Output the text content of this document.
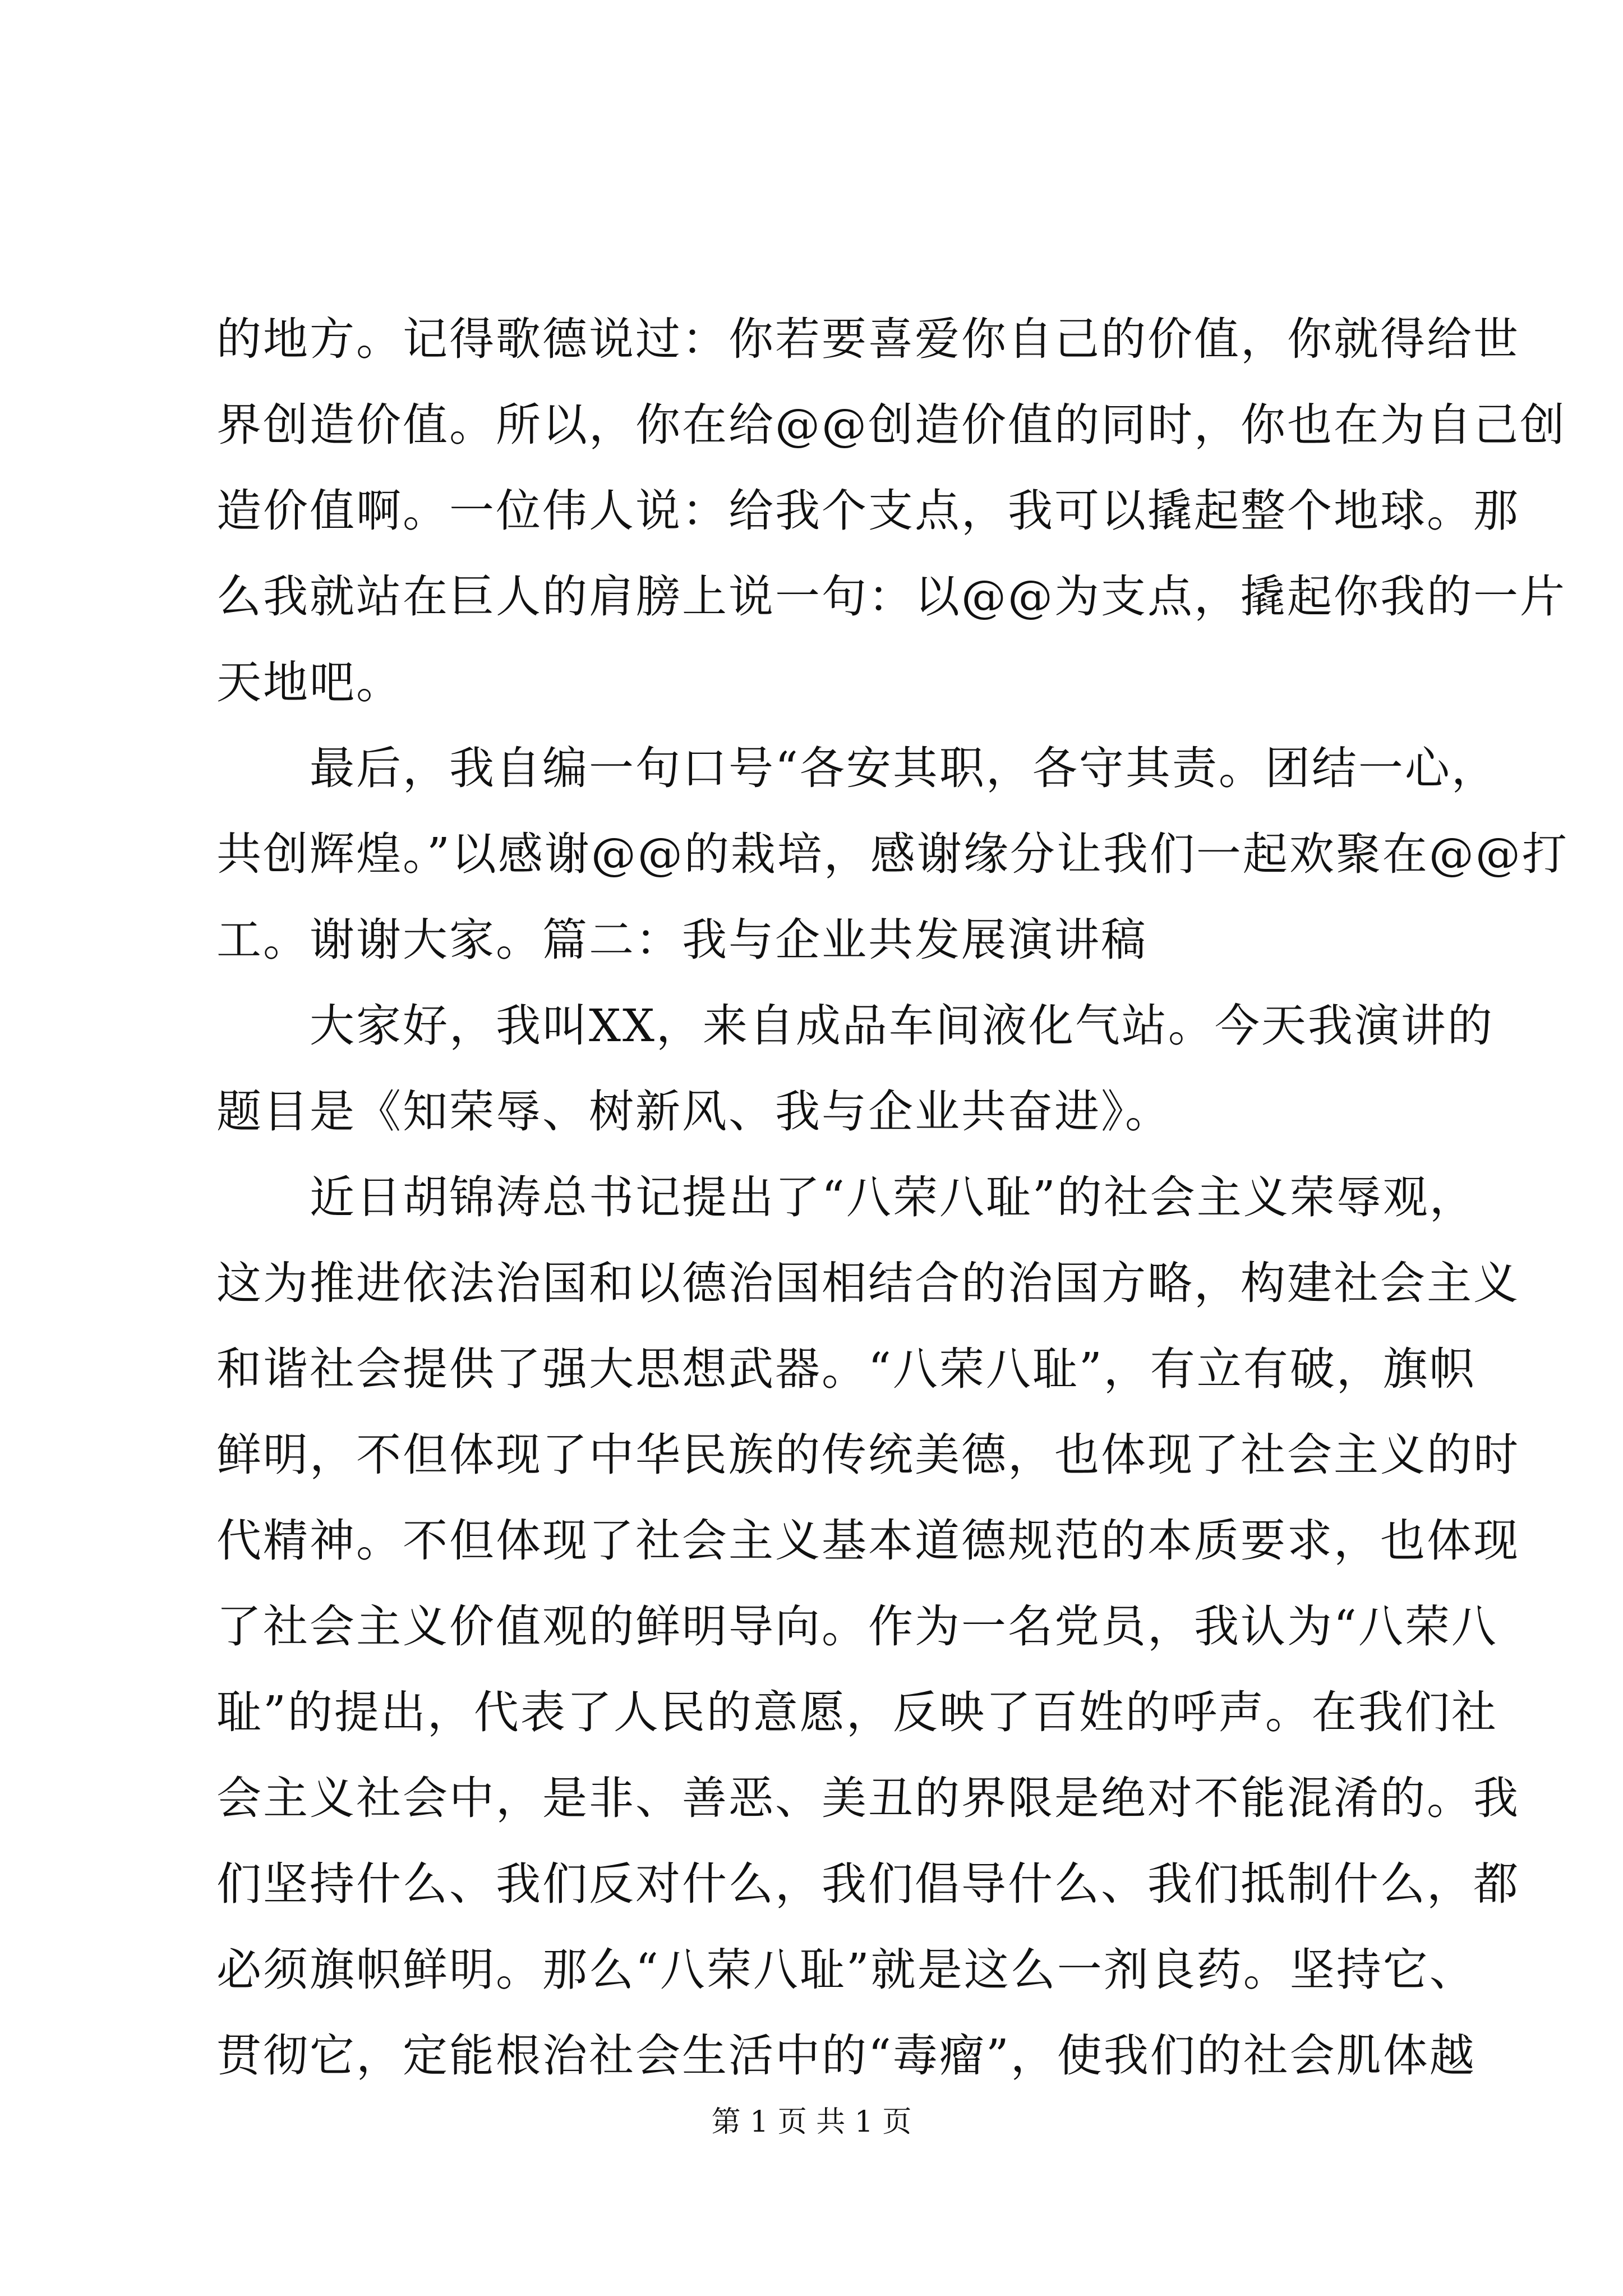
的地方。记得歌德说过：你若要喜爱你自己的价值，你就得给世
界创造价值。所以，你在给@@创造价值的同时，你也在为自己创
造价值啊。一位伟人说：给我个支点，我可以撬起整个地球。那
么我就站在巨人的肩膀上说一句：以@@为支点，撬起你我的一片
天地吧。
　　最后，我自编一句口号“各安其职，各守其责。团结一心，
共创辉煌。”以感谢@@的栽培，感谢缘分让我们一起欢聚在@@打
工。谢谢大家。篇二：我与企业共发展演讲稿
　　大家好，我叫XX，来自成品车间液化气站。今天我演讲的
题目是《知荣辱、树新风、我与企业共奋进》。
　　近日胡锦涛总书记提出了“八荣八耻”的社会主义荣辱观，
这为推进依法治国和以德治国相结合的治国方略，构建社会主义
和谐社会提供了强大思想武器。“八荣八耻”，有立有破，旗帜
鲜明，不但体现了中华民族的传统美德，也体现了社会主义的时
代精神。不但体现了社会主义基本道德规范的本质要求，也体现
了社会主义价值观的鲜明导向。作为一名党员，我认为“八荣八
耻”的提出，代表了人民的意愿，反映了百姓的呼声。在我们社
会主义社会中，是非、善恶、美丑的界限是绝对不能混淆的。我
们坚持什么、我们反对什么，我们倡导什么、我们抵制什么，都
必须旗帜鲜明。那么“八荣八耻”就是这么一剂良药。坚持它、
贯彻它，定能根治社会生活中的“毒瘤”，使我们的社会肌体越
第 1 页 共 1 页
